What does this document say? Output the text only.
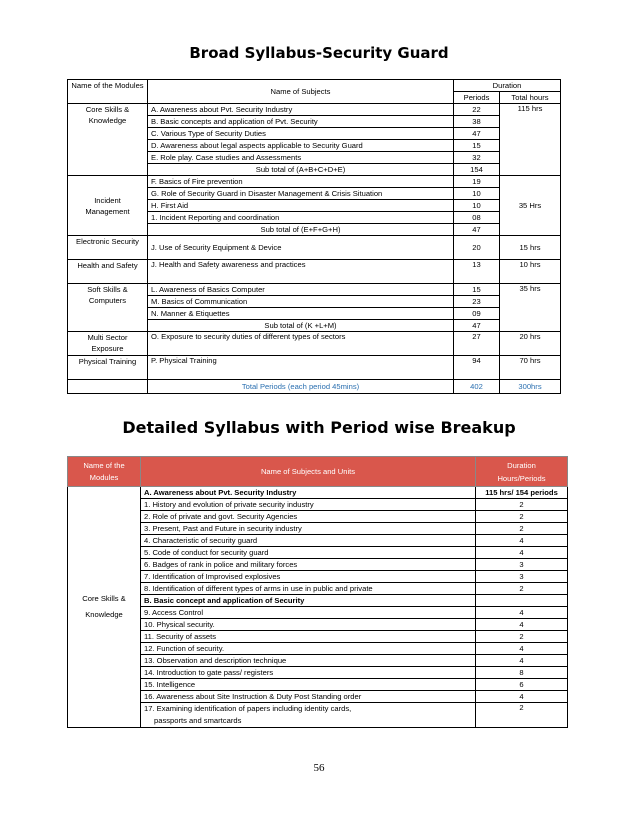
Broad Syllabus-Security Guard
Name of the Modules	Name of Subjects	Duration	
		Periods	Total hours
Core Skills & Knowledge	A. Awareness about Pvt. Security Industry	22	115 hrs
	B. Basic concepts and application of Pvt. Security	38	
	C. Various Type of Security Duties	47	
	D. Awareness about legal aspects applicable to Security Guard	15	
	E. Role play. Case studies and Assessments	32	
	Sub total of (A+B+C+D+E)	154	
Incident Management	F. Basics of Fire prevention	19	35 Hrs
	G. Role of Security Guard in Disaster Management & Crisis Situation	10	
	H. First Aid	10	
	1. Incident Reporting and coordination	08	
	Sub total of (E+F+G+H)	47	
Electronic Security	J. Use of Security Equipment & Device	20	15 hrs
Health and Safety	J. Health and Safety awareness and practices	13	10 hrs
Soft Skills & Computers	L. Awareness of Basics Computer	15	35 hrs
	M. Basics of Communication	23	
	N. Manner & Etiquettes	09	
	Sub total of (K +L+M)	47	
Multi Sector Exposure	O. Exposure to security duties of different types of sectors	27	20 hrs
Physical Training	P. Physical Training	94	70 hrs
	Total Periods (each period 45mins)	402	300hrs
Detailed Syllabus with Period wise Breakup
Name of the Modules	Name of Subjects and Units	Duration
Hours/Periods
Core Skills & Knowledge	A. Awareness about Pvt. Security Industry	115 hrs/ 154 periods
	1. History and evolution of private security industry	2
	2. Role of private and govt. Security Agencies	2
	3. Present, Past and Future in security industry	2
	4. Characteristic of security guard	4
	5. Code of conduct for security guard	4
	6. Badges of rank in police and military forces	3
	7. Identification of Improvised explosives	3
	8. Identification of different types of arms in use in public and private	2
	B. Basic concept and application of Security	
	9. Access Control	4
	10. Physical security.	4
	11. Security of assets	2
	12. Function of security.	4
	13. Observation and description technique	4
	14. Introduction to gate pass/ registers	8
	15. Intelligence	6
	16. Awareness about Site Instruction & Duty Post Standing order	4
	17. Examining identification of papers including identity cards,
passports and smartcards	2
56
